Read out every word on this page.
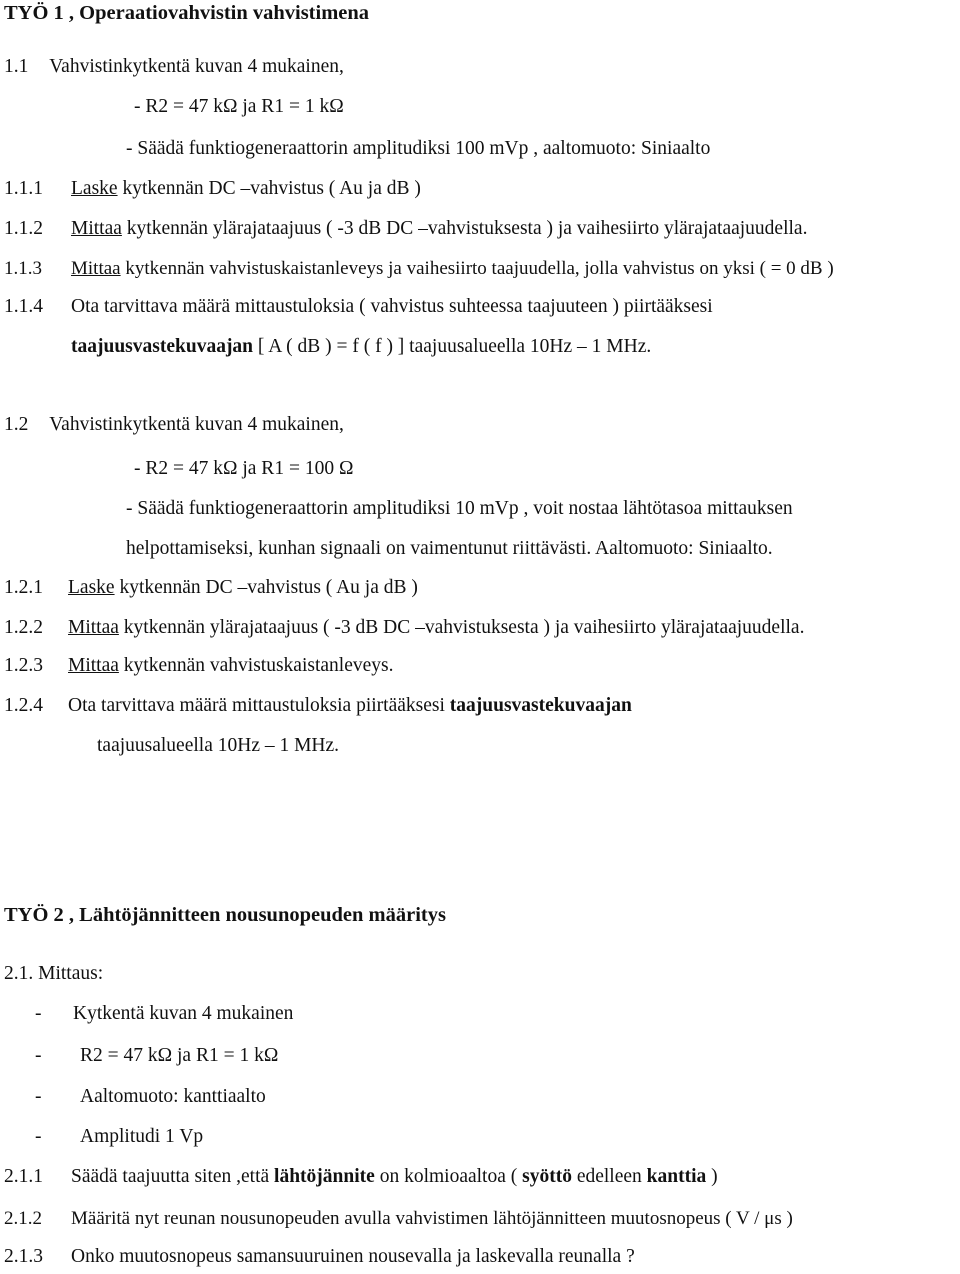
TYÖ 1 , Operaatiovahvistin vahvistimena
1.1 Vahvistinkytkentä kuvan 4 mukainen,
- R2 = 47 kΩ ja R1 = 1 kΩ
- Säädä funktiogeneraattorin amplitudiksi 100 mVp , aaltomuoto: Siniaalto
1.1.1 Laske kytkennän DC –vahvistus ( Au ja dB )
1.1.2 Mittaa kytkennän ylärajataajuus ( -3 dB DC –vahvistuksesta ) ja vaihesiirto ylärajataajuudella.
1.1.3 Mittaa kytkennän vahvistuskaistanleveys ja vaihesiirto taajuudella, jolla vahvistus on yksi ( = 0 dB )
1.1.4 Ota tarvittava määrä mittaustuloksia ( vahvistus suhteessa taajuuteen ) piirtääksesi
taajuusvastekuvaajan [ A ( dB ) = f ( f ) ] taajuusalueella 10Hz – 1 MHz.
1.2 Vahvistinkytkentä kuvan 4 mukainen,
- R2 = 47 kΩ ja R1 = 100 Ω
- Säädä funktiogeneraattorin amplitudiksi 10 mVp , voit nostaa lähtötasoa mittauksen
helpottamiseksi, kunhan signaali on vaimentunut riittävästi. Aaltomuoto: Siniaalto.
1.2.1 Laske kytkennän DC –vahvistus ( Au ja dB )
1.2.2 Mittaa kytkennän ylärajataajuus ( -3 dB DC –vahvistuksesta ) ja vaihesiirto ylärajataajuudella.
1.2.3 Mittaa kytkennän vahvistuskaistanleveys.
1.2.4 Ota tarvittava määrä mittaustuloksia piirtääksesi taajuusvastekuvaajan
taajuusalueella 10Hz – 1 MHz.
TYÖ 2 , Lähtöjännitteen nousunopeuden määritys
2.1. Mittaus:
- Kytkentä kuvan 4 mukainen
- R2 = 47 kΩ ja R1 = 1 kΩ
- Aaltomuoto: kanttiaalto
- Amplitudi 1 Vp
2.1.1 Säädä taajuutta siten ,että lähtöjännite on kolmioaaltoa ( syöttö edelleen kanttia )
2.1.2 Määritä nyt reunan nousunopeuden avulla vahvistimen lähtöjännitteen muutosnopeus ( V / μs )
2.1.3 Onko muutosnopeus samansuuruinen nousevalla ja laskevalla reunalla ?
